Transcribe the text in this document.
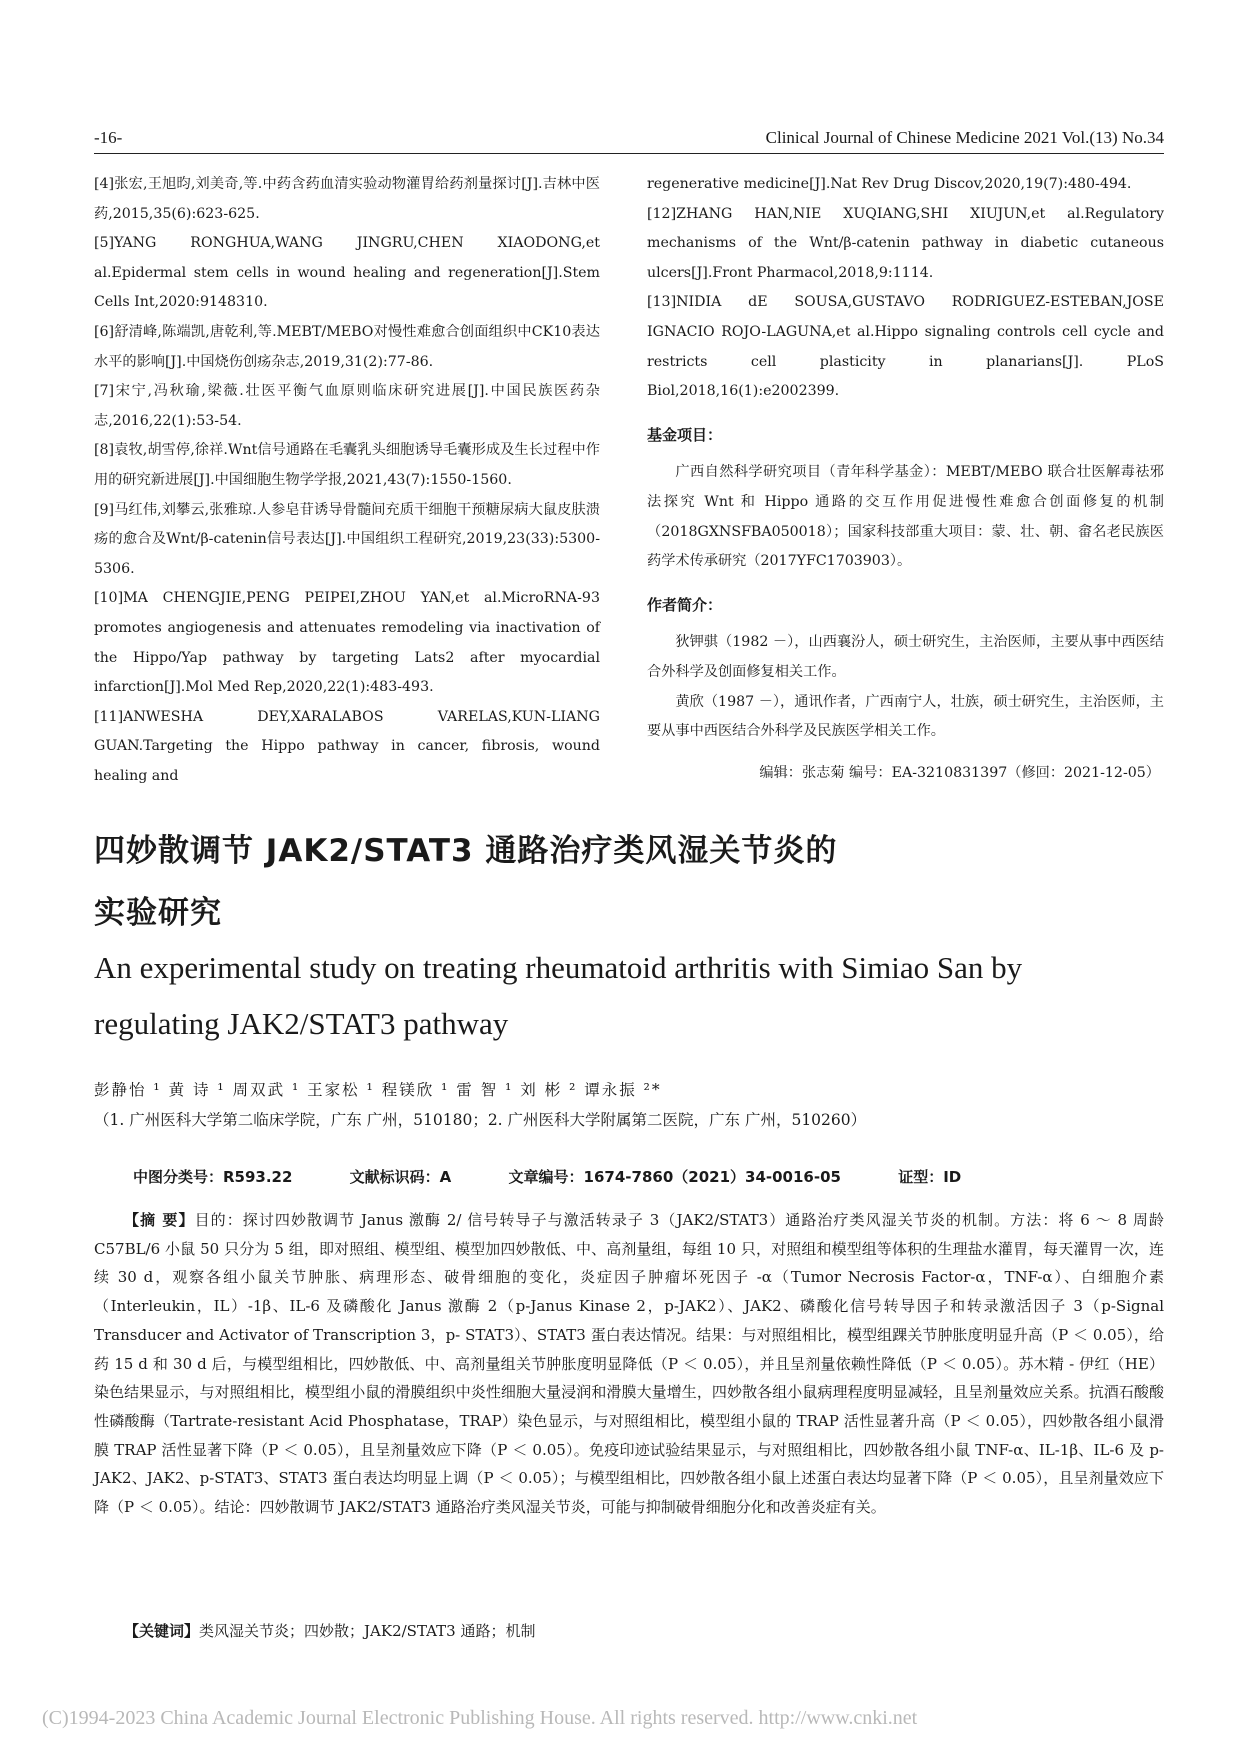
-16-	Clinical Journal of Chinese Medicine 2021 Vol.(13) No.34
[4]张宏,王旭昀,刘美奇,等.中药含药血清实验动物灌胃给药剂量探讨[J].吉林中医药,2015,35(6):623-625.
[5]YANG RONGHUA,WANG JINGRU,CHEN XIAODONG,et al.Epidermal stem cells in wound healing and regeneration[J].Stem Cells Int,2020:9148310.
[6]舒清峰,陈端凯,唐乾利,等.MEBT/MEBO对慢性难愈合创面组织中CK10表达水平的影响[J].中国烧伤创疡杂志,2019,31(2):77-86.
[7]宋宁,冯秋瑜,梁薇.壮医平衡气血原则临床研究进展[J].中国民族医药杂志,2016,22(1):53-54.
[8]袁牧,胡雪停,徐祥.Wnt信号通路在毛囊乳头细胞诱导毛囊形成及生长过程中作用的研究新进展[J].中国细胞生物学学报,2021,43(7):1550-1560.
[9]马红伟,刘攀云,张雅琼.人参皂苷诱导骨髓间充质干细胞干预糖尿病大鼠皮肤溃疡的愈合及Wnt/β-catenin信号表达[J].中国组织工程研究,2019,23(33):5300-5306.
[10]MA CHENGJIE,PENG PEIPEI,ZHOU YAN,et al.MicroRNA-93 promotes angiogenesis and attenuates remodeling via inactivation of the Hippo/Yap pathway by targeting Lats2 after myocardial infarction[J].Mol Med Rep,2020,22(1):483-493.
[11]ANWESHA DEY,XARALABOS VARELAS,KUN-LIANG GUAN.Targeting the Hippo pathway in cancer, fibrosis, wound healing and
regenerative medicine[J].Nat Rev Drug Discov,2020,19(7):480-494.
[12]ZHANG HAN,NIE XUQIANG,SHI XIUJUN,et al.Regulatory mechanisms of the Wnt/β-catenin pathway in diabetic cutaneous ulcers[J].Front Pharmacol,2018,9:1114.
[13]NIDIA dE SOUSA,GUSTAVO RODRIGUEZ-ESTEBAN,JOSE IGNACIO ROJO-LAGUNA,et al.Hippo signaling controls cell cycle and restricts cell plasticity in planarians[J]. PLoS Biol,2018,16(1):e2002399.
基金项目：
广西自然科学研究项目（青年科学基金）：MEBT/MEBO 联合壮医解毒祛邪法探究 Wnt 和 Hippo 通路的交互作用促进慢性难愈合创面修复的机制（2018GXNSFBA050018）；国家科技部重大项目：蒙、壮、朝、畲名老民族医药学术传承研究（2017YFC1703903）。
作者简介：
狄钾骐（1982 －），山西襄汾人，硕士研究生，主治医师，主要从事中西医结合外科学及创面修复相关工作。
黄欣（1987 －），通讯作者，广西南宁人，壮族，硕士研究生，主治医师，主要从事中西医结合外科学及民族医学相关工作。
编辑：张志菊 编号：EA-3210831397（修回：2021-12-05）
四妙散调节 JAK2/STAT3 通路治疗类风湿关节炎的
实验研究
An experimental study on treating rheumatoid arthritis with Simiao San by
regulating JAK2/STAT3 pathway
彭静怡 ¹ 黄 诗 ¹ 周双武 ¹ 王家松 ¹ 程镁欣 ¹ 雷 智 ¹ 刘 彬 ² 谭永振 ²*
（1. 广州医科大学第二临床学院，广东 广州，510180；2. 广州医科大学附属第二医院，广东 广州，510260）
中图分类号：R593.22	文献标识码：A	文章编号：1674-7860（2021）34-0016-05	证型：ID
【摘 要】目的：探讨四妙散调节 Janus 激酶 2/ 信号转导子与激活转录子 3（JAK2/STAT3）通路治疗类风湿关节炎的机制。方法：将 6 ～ 8 周龄 C57BL/6 小鼠 50 只分为 5 组，即对照组、模型组、模型加四妙散低、中、高剂量组，每组 10 只，对照组和模型组等体积的生理盐水灌胃，每天灌胃一次，连续 30 d，观察各组小鼠关节肿胀、病理形态、破骨细胞的变化，炎症因子肿瘤坏死因子 -α（Tumor Necrosis Factor-α，TNF-α）、白细胞介素（Interleukin，IL）-1β、IL-6 及磷酸化 Janus 激酶 2（p-Janus Kinase 2，p-JAK2）、JAK2、磷酸化信号转导因子和转录激活因子 3（p-Signal Transducer and Activator of Transcription 3，p- STAT3）、STAT3 蛋白表达情况。结果：与对照组相比，模型组踝关节肿胀度明显升高（P ＜ 0.05），给药 15 d 和 30 d 后，与模型组相比，四妙散低、中、高剂量组关节肿胀度明显降低（P ＜ 0.05），并且呈剂量依赖性降低（P ＜ 0.05）。苏木精 - 伊红（HE）染色结果显示，与对照组相比，模型组小鼠的滑膜组织中炎性细胞大量浸润和滑膜大量增生，四妙散各组小鼠病理程度明显减轻，且呈剂量效应关系。抗酒石酸酸性磷酸酶（Tartrate-resistant Acid Phosphatase，TRAP）染色显示，与对照组相比，模型组小鼠的 TRAP 活性显著升高（P ＜ 0.05），四妙散各组小鼠滑膜 TRAP 活性显著下降（P ＜ 0.05），且呈剂量效应下降（P ＜ 0.05）。免疫印迹试验结果显示，与对照组相比，四妙散各组小鼠 TNF-α、IL-1β、IL-6 及 p-JAK2、JAK2、p-STAT3、STAT3 蛋白表达均明显上调（P ＜ 0.05）；与模型组相比，四妙散各组小鼠上述蛋白表达均显著下降（P ＜ 0.05），且呈剂量效应下降（P ＜ 0.05）。结论：四妙散调节 JAK2/STAT3 通路治疗类风湿关节炎，可能与抑制破骨细胞分化和改善炎症有关。
【关键词】类风湿关节炎；四妙散；JAK2/STAT3 通路；机制
(C)1994-2023 China Academic Journal Electronic Publishing House. All rights reserved. http://www.cnki.net
